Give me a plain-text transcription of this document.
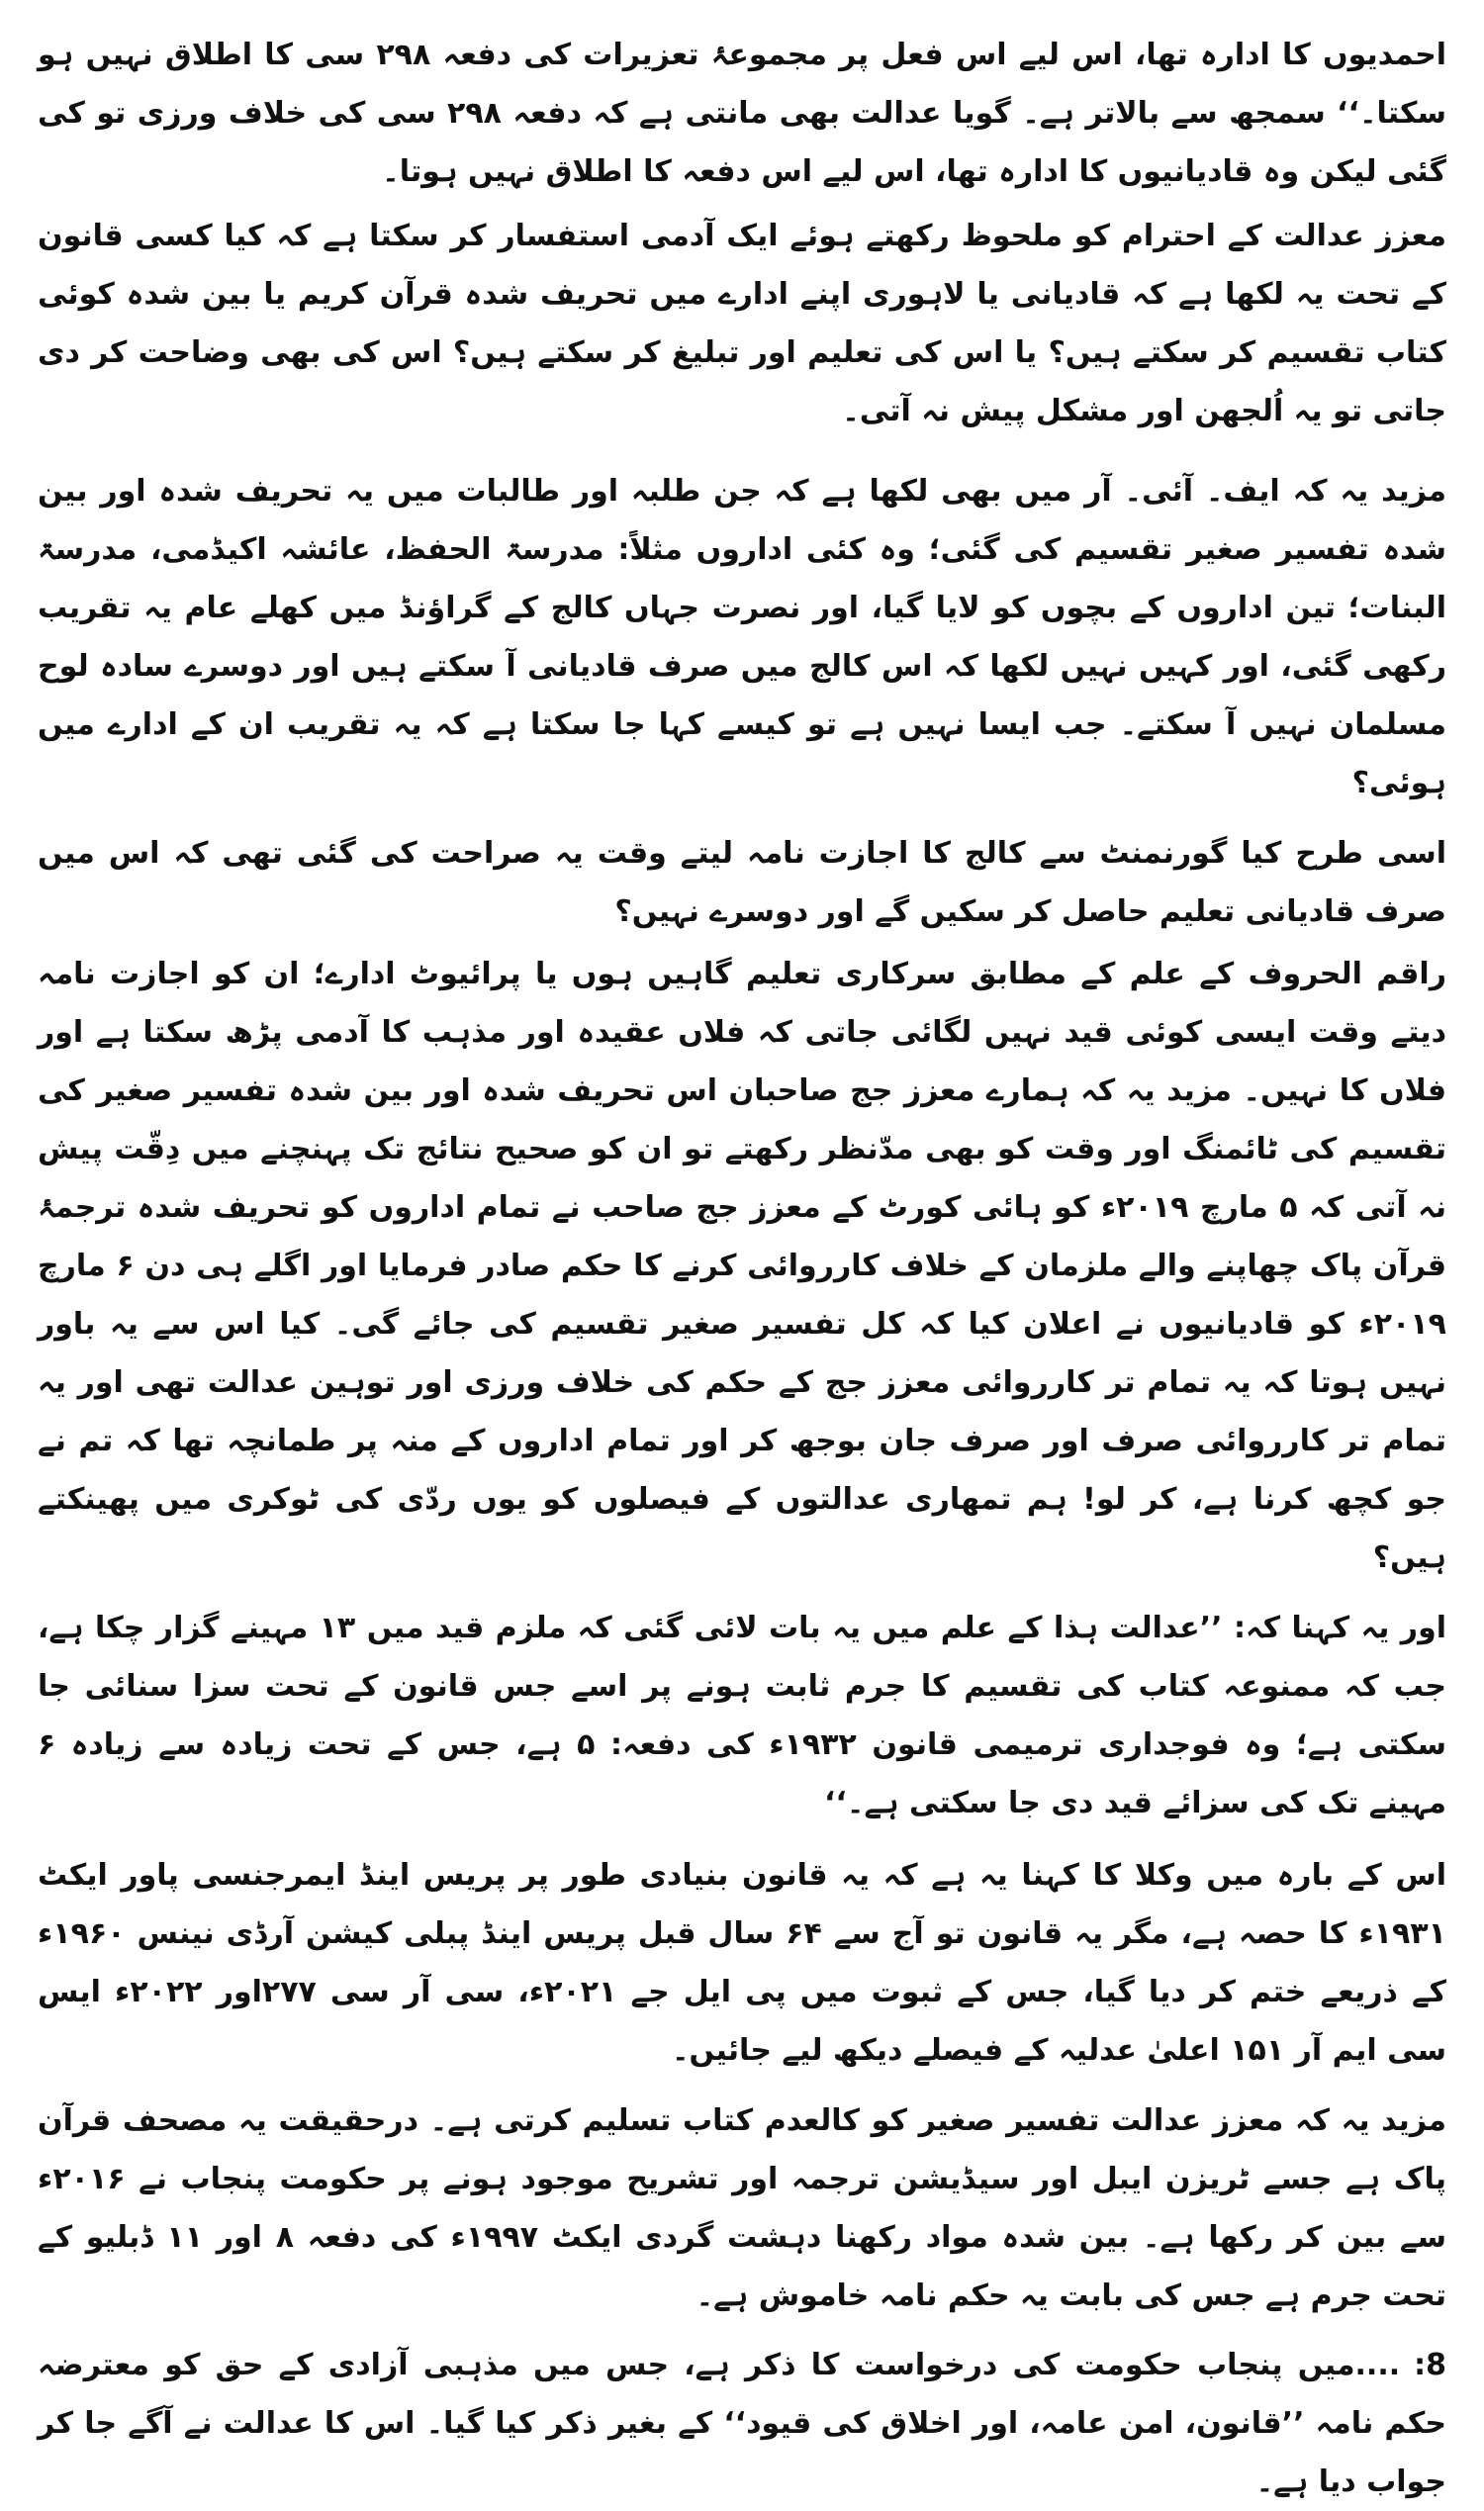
احمدیوں کا ادارہ تھا، اس لیے اس فعل پر مجموعۂ تعزیرات کی دفعہ ۲۹۸ سی کا اطلاق نہیں ہو سکتا۔‘‘ سمجھ سے بالاتر ہے۔ گویا عدالت بھی مانتی ہے کہ دفعہ ۲۹۸ سی کی خلاف ورزی تو کی گئی لیکن وہ قادیانیوں کا ادارہ تھا، اس لیے اس دفعہ کا اطلاق نہیں ہوتا۔

معزز عدالت کے احترام کو ملحوظ رکھتے ہوئے ایک آدمی استفسار کر سکتا ہے کہ کیا کسی قانون کے تحت یہ لکھا ہے کہ قادیانی یا لاہوری اپنے ادارے میں تحریف شدہ قرآن کریم یا بین شدہ کوئی کتاب تقسیم کر سکتے ہیں؟ یا اس کی تعلیم اور تبلیغ کر سکتے ہیں؟ اس کی بھی وضاحت کر دی جاتی تو یہ اُلجھن اور مشکل پیش نہ آتی۔

مزید یہ کہ ایف۔ آئی۔ آر میں بھی لکھا ہے کہ جن طلبہ اور طالبات میں یہ تحریف شدہ اور بین شدہ تفسیر صغیر تقسیم کی گئی؛ وہ کئی اداروں مثلاً: مدرسۃ الحفظ، عائشہ اکیڈمی، مدرسۃ البنات؛ تین اداروں کے بچوں کو لایا گیا، اور نصرت جہاں کالج کے گراؤنڈ میں کھلے عام یہ تقریب رکھی گئی، اور کہیں نہیں لکھا کہ اس کالج میں صرف قادیانی آ سکتے ہیں اور دوسرے سادہ لوح مسلمان نہیں آ سکتے۔ جب ایسا نہیں ہے تو کیسے کہا جا سکتا ہے کہ یہ تقریب ان کے ادارے میں ہوئی؟

اسی طرح کیا گورنمنٹ سے کالج کا اجازت نامہ لیتے وقت یہ صراحت کی گئی تھی کہ اس میں صرف قادیانی تعلیم حاصل کر سکیں گے اور دوسرے نہیں؟

راقم الحروف کے علم کے مطابق سرکاری تعلیم گاہیں ہوں یا پرائیوٹ ادارے؛ ان کو اجازت نامہ دیتے وقت ایسی کوئی قید نہیں لگائی جاتی کہ فلاں عقیدہ اور مذہب کا آدمی پڑھ سکتا ہے اور فلاں کا نہیں۔ مزید یہ کہ ہمارے معزز جج صاحبان اس تحریف شدہ اور بین شدہ تفسیر صغیر کی تقسیم کی ٹائمنگ اور وقت کو بھی مدّنظر رکھتے تو ان کو صحیح نتائج تک پہنچنے میں دِقّت پیش نہ آتی کہ ۵ مارچ ۲۰۱۹ء کو ہائی کورٹ کے معزز جج صاحب نے تمام اداروں کو تحریف شدہ ترجمۂ قرآن پاک چھاپنے والے ملزمان کے خلاف کارروائی کرنے کا حکم صادر فرمایا اور اگلے ہی دن ۶ مارچ ۲۰۱۹ء کو قادیانیوں نے اعلان کیا کہ کل تفسیر صغیر تقسیم کی جائے گی۔ کیا اس سے یہ باور نہیں ہوتا کہ یہ تمام تر کارروائی معزز جج کے حکم کی خلاف ورزی اور توہین عدالت تھی اور یہ تمام تر کارروائی صرف اور صرف جان بوجھ کر اور تمام اداروں کے منہ پر طمانچہ تھا کہ تم نے جو کچھ کرنا ہے، کر لو! ہم تمھاری عدالتوں کے فیصلوں کو یوں ردّی کی ٹوکری میں پھینکتے ہیں؟

اور یہ کہنا کہ: ’’عدالت ہذا کے علم میں یہ بات لائی گئی کہ ملزم قید میں ۱۳ مہینے گزار چکا ہے، جب کہ ممنوعہ کتاب کی تقسیم کا جرم ثابت ہونے پر اسے جس قانون کے تحت سزا سنائی جا سکتی ہے؛ وہ فوجداری ترمیمی قانون ۱۹۳۲ء کی دفعہ: ۵ ہے، جس کے تحت زیادہ سے زیادہ ۶ مہینے تک کی سزائے قید دی جا سکتی ہے۔‘‘

اس کے بارہ میں وکلا کا کہنا یہ ہے کہ یہ قانون بنیادی طور پر پریس اینڈ ایمرجنسی پاور ایکٹ ۱۹۳۱ء کا حصہ ہے، مگر یہ قانون تو آج سے ۶۴ سال قبل پریس اینڈ پبلی کیشن آرڈی نینس ۱۹۶۰ء کے ذریعے ختم کر دیا گیا، جس کے ثبوت میں پی ایل جے ۲۰۲۱ء، سی آر سی ۲۷۷اور ۲۰۲۲ء ایس سی ایم آر ۱۵۱ اعلیٰ عدلیہ کے فیصلے دیکھ لیے جائیں۔

مزید یہ کہ معزز عدالت تفسیر صغیر کو کالعدم کتاب تسلیم کرتی ہے۔ درحقیقت یہ مصحف قرآن پاک ہے جسے ٹریزن ایبل اور سیڈیشن ترجمہ اور تشریح موجود ہونے پر حکومت پنجاب نے ۲۰۱۶ء سے بین کر رکھا ہے۔ بین شدہ مواد رکھنا دہشت گردی ایکٹ ۱۹۹۷ء کی دفعہ ۸ اور ۱۱ ڈبلیو کے تحت جرم ہے جس کی بابت یہ حکم نامہ خاموش ہے۔

8:....میں پنجاب حکومت کی درخواست کا ذکر ہے، جس میں مذہبی آزادی کے حق کو معترضہ حکم نامہ ’’قانون، امن عامہ، اور اخلاق کی قیود‘‘ کے بغیر ذکر کیا گیا۔ اس کا عدالت نے آگے جا کر جواب دیا ہے۔
